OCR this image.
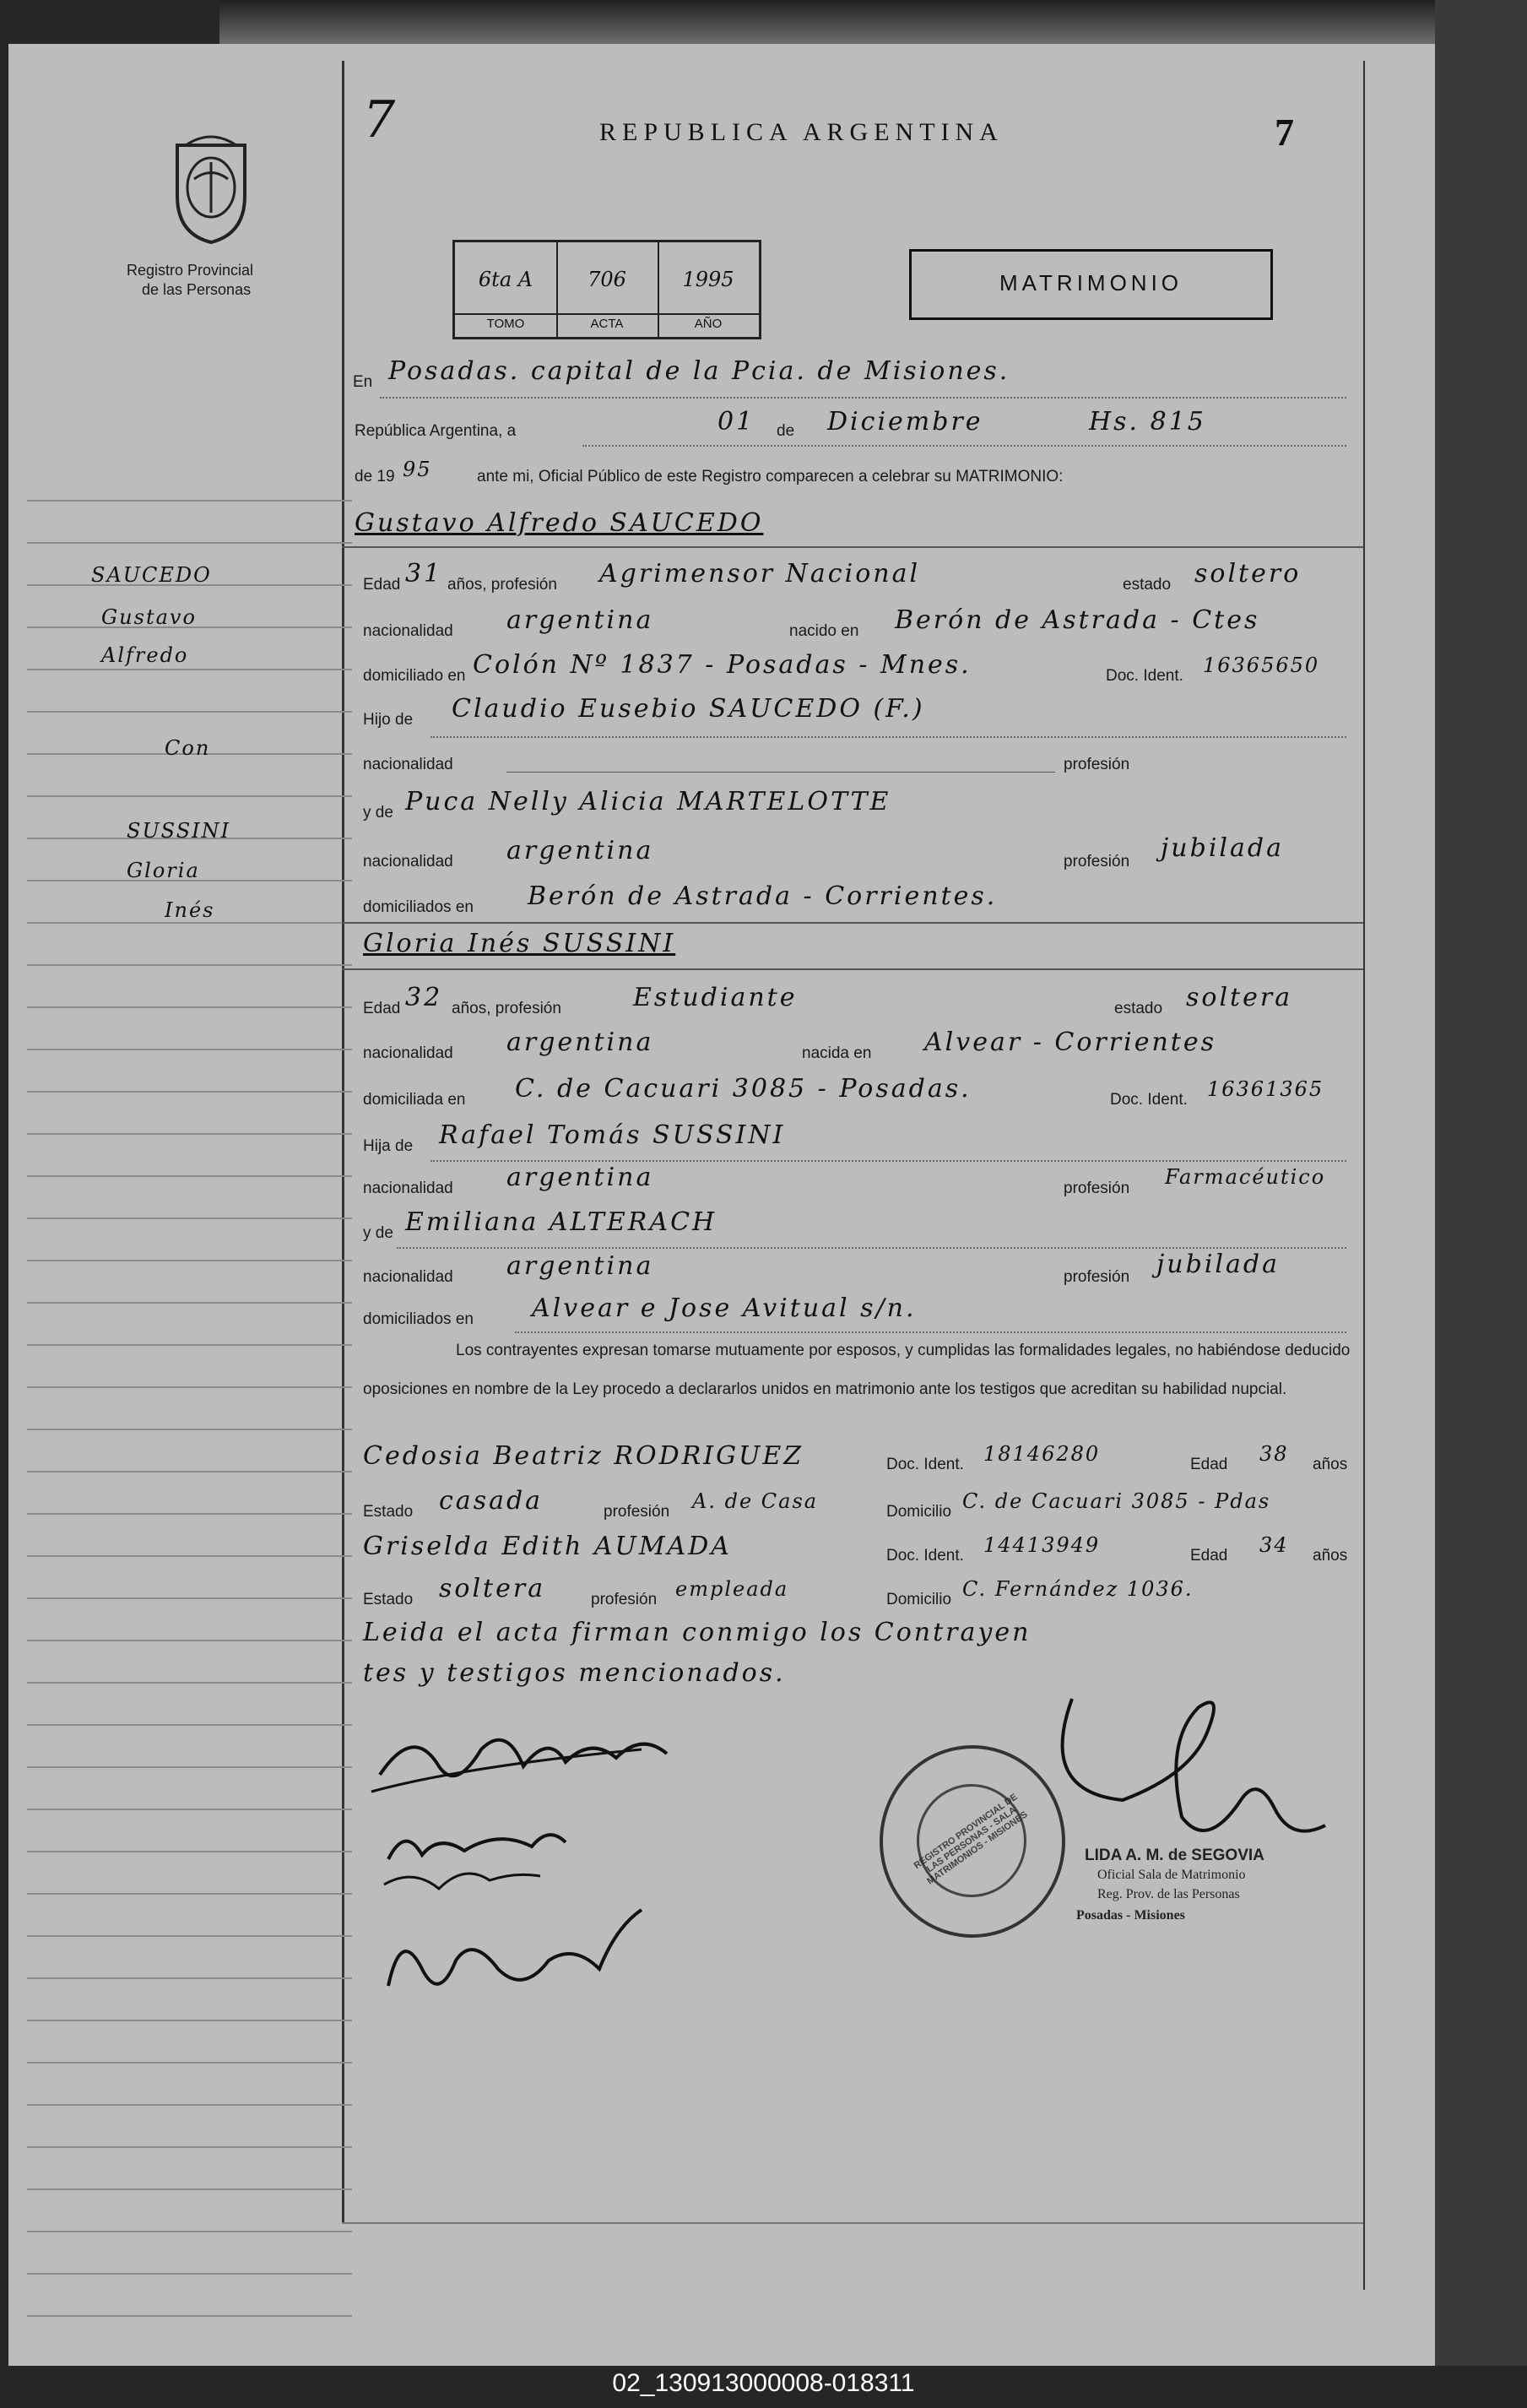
Registro Provincial
de las Personas
SAUCEDO
Gustavo
Alfredo
Con
SUSSINI
Gloria
Inés
7	REPUBLICA ARGENTINA	7
6ta A
TOMO
706
ACTA
1995
AÑO
MATRIMONIO
En Posadas. capital de la Pcia. de Misiones.
República Argentina, a	01 de Diciembre	Hs. 815
de 19 95	ante mi, Oficial Público de este Registro comparecen a celebrar su MATRIMONIO:
Gustavo Alfredo SAUCEDO
Edad 31 años, profesión Agrimensor Nacional	estado soltero
nacionalidad argentina	nacido en Berón de Astrada - Ctes
domiciliado en Colón Nº 1837 - Posadas - Mnes.	Doc. Ident. 16365650
Hijo de Claudio Eusebio SAUCEDO (F.)
nacionalidad	profesión
y de Puca Nelly Alicia MARTELOTTE
nacionalidad argentina	profesión jubilada
domiciliados en Berón de Astrada - Corrientes.
Gloria Inés SUSSINI
Edad 32 años, profesión	Estudiante	estado soltera
nacionalidad argentina	nacida en Alvear - Corrientes
domiciliada en C. de Cacuari 3085 - Posadas.	Doc. Ident. 16361365
Hija de Rafael Tomás SUSSINI
nacionalidad argentina	profesión Farmacéutico
y de Emiliana ALTERACH
nacionalidad argentina	profesión jubilada
domiciliados en Alvear e Jose Avitual s/n.
Los contrayentes expresan tomarse mutuamente por esposos, y cumplidas las formalidades legales, no habiéndose deducido oposiciones en nombre de la Ley procedo a declararlos unidos en matrimonio ante los testigos que acreditan su habilidad nupcial.
Cedosia Beatriz RODRIGUEZ	Doc. Ident. 18146280	Edad 38 años
Estado casada	profesión A. de Casa	Domicilio C. de Cacuari 3085 - Pdas
Griselda Edith AUMADA	Doc. Ident. 14413949	Edad 34 años
Estado soltera	profesión empleada	Domicilio C. Fernández 1036.
Leida el acta firman conmigo los Contrayen
tes y testigos mencionados.
REGISTRO PROVINCIAL DE LAS PERSONAS - SALA MATRIMONIOS - MISIONES	LIDA A. M. de SEGOVIA
Oficial Sala de Matrimonio
Reg. Prov. de las Personas
Posadas - Misiones
02_130913000008-018311
